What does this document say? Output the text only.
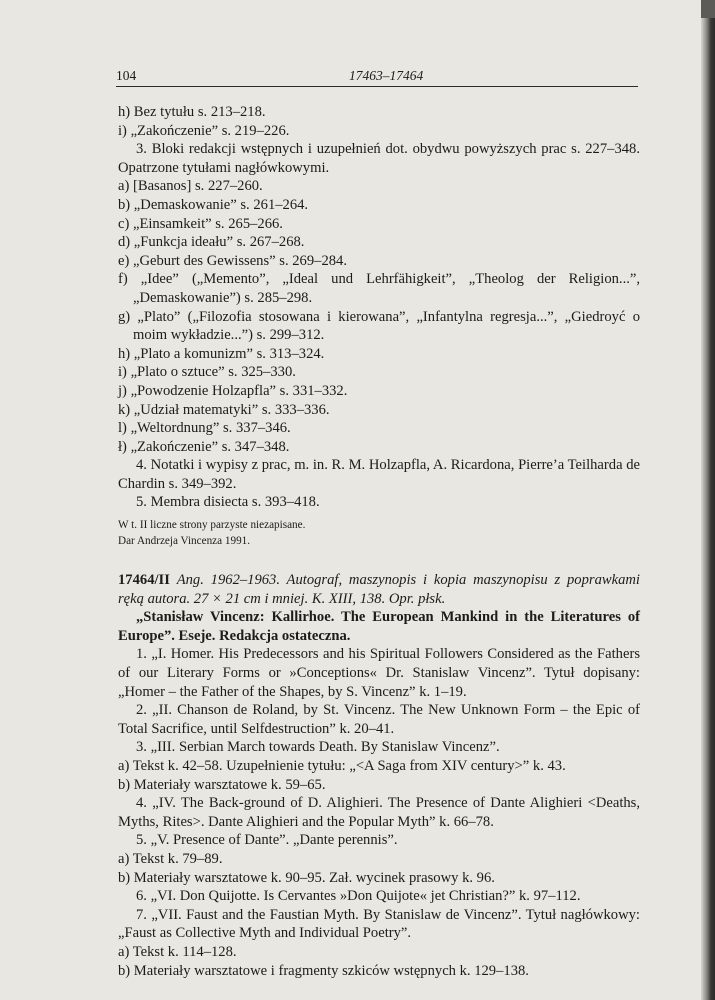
104	17463–17464

h) Bez tytułu s. 213–218.

i) „Zakończenie” s. 219–226.

3. Bloki redakcji wstępnych i uzupełnień dot. obydwu powyższych prac s. 227–348. Opatrzone tytułami nagłówkowymi.

a) [Basanos] s. 227–260.

b) „Demaskowanie” s. 261–264.

c) „Einsamkeit” s. 265–266.

d) „Funkcja ideału” s. 267–268.

e) „Geburt des Gewissens” s. 269–284.

f) „Idee” („Memento”, „Ideal und Lehrfähigkeit”, „Theolog der Religion...”, „Demaskowanie”) s. 285–298.

g) „Plato” („Filozofia stosowana i kierowana”, „Infantylna regresja...”, „Giedroyć o moim wykładzie...”) s. 299–312.

h) „Plato a komunizm” s. 313–324.

i) „Plato o sztuce” s. 325–330.

j) „Powodzenie Holzapfla” s. 331–332.

k) „Udział matematyki” s. 333–336.

l) „Weltordnung” s. 337–346.

ł) „Zakończenie” s. 347–348.

4. Notatki i wypisy z prac, m. in. R. M. Holzapfla, A. Ricardona, Pierre’a Teilharda de Chardin s. 349–392.

5. Membra disiecta s. 393–418.

W t. II liczne strony parzyste niezapisane.

Dar Andrzeja Vincenza 1991.

17464/II Ang. 1962–1963. Autograf, maszynopis i kopia maszynopisu z poprawkami ręką autora. 27 × 21 cm i mniej. K. XIII, 138. Opr. płsk.

„Stanisław Vincenz: Kallirhoe. The European Mankind in the Literatures of Europe”. Eseje. Redakcja ostateczna.

1. „I. Homer. His Predecessors and his Spiritual Followers Considered as the Fathers of our Literary Forms or »Conceptions« Dr. Stanislaw Vincenz”. Tytuł dopisany: „Homer – the Father of the Shapes, by S. Vincenz” k. 1–19.

2. „II. Chanson de Roland, by St. Vincenz. The New Unknown Form – the Epic of Total Sacrifice, until Selfdestruction” k. 20–41.

3. „III. Serbian March towards Death. By Stanislaw Vincenz”.

a) Tekst k. 42–58. Uzupełnienie tytułu: „<A Saga from XIV century>” k. 43.

b) Materiały warsztatowe k. 59–65.

4. „IV. The Back-ground of D. Alighieri. The Presence of Dante Alighieri <Deaths, Myths, Rites>. Dante Alighieri and the Popular Myth” k. 66–78.

5. „V. Presence of Dante”. „Dante perennis”.

a) Tekst k. 79–89.

b) Materiały warsztatowe k. 90–95. Zał. wycinek prasowy k. 96.

6. „VI. Don Quijotte. Is Cervantes »Don Quijote« jet Christian?” k. 97–112.

7. „VII. Faust and the Faustian Myth. By Stanislaw de Vincenz”. Tytuł nagłówkowy: „Faust as Collective Myth and Individual Poetry”.

a) Tekst k. 114–128.

b) Materiały warsztatowe i fragmenty szkiców wstępnych k. 129–138.
